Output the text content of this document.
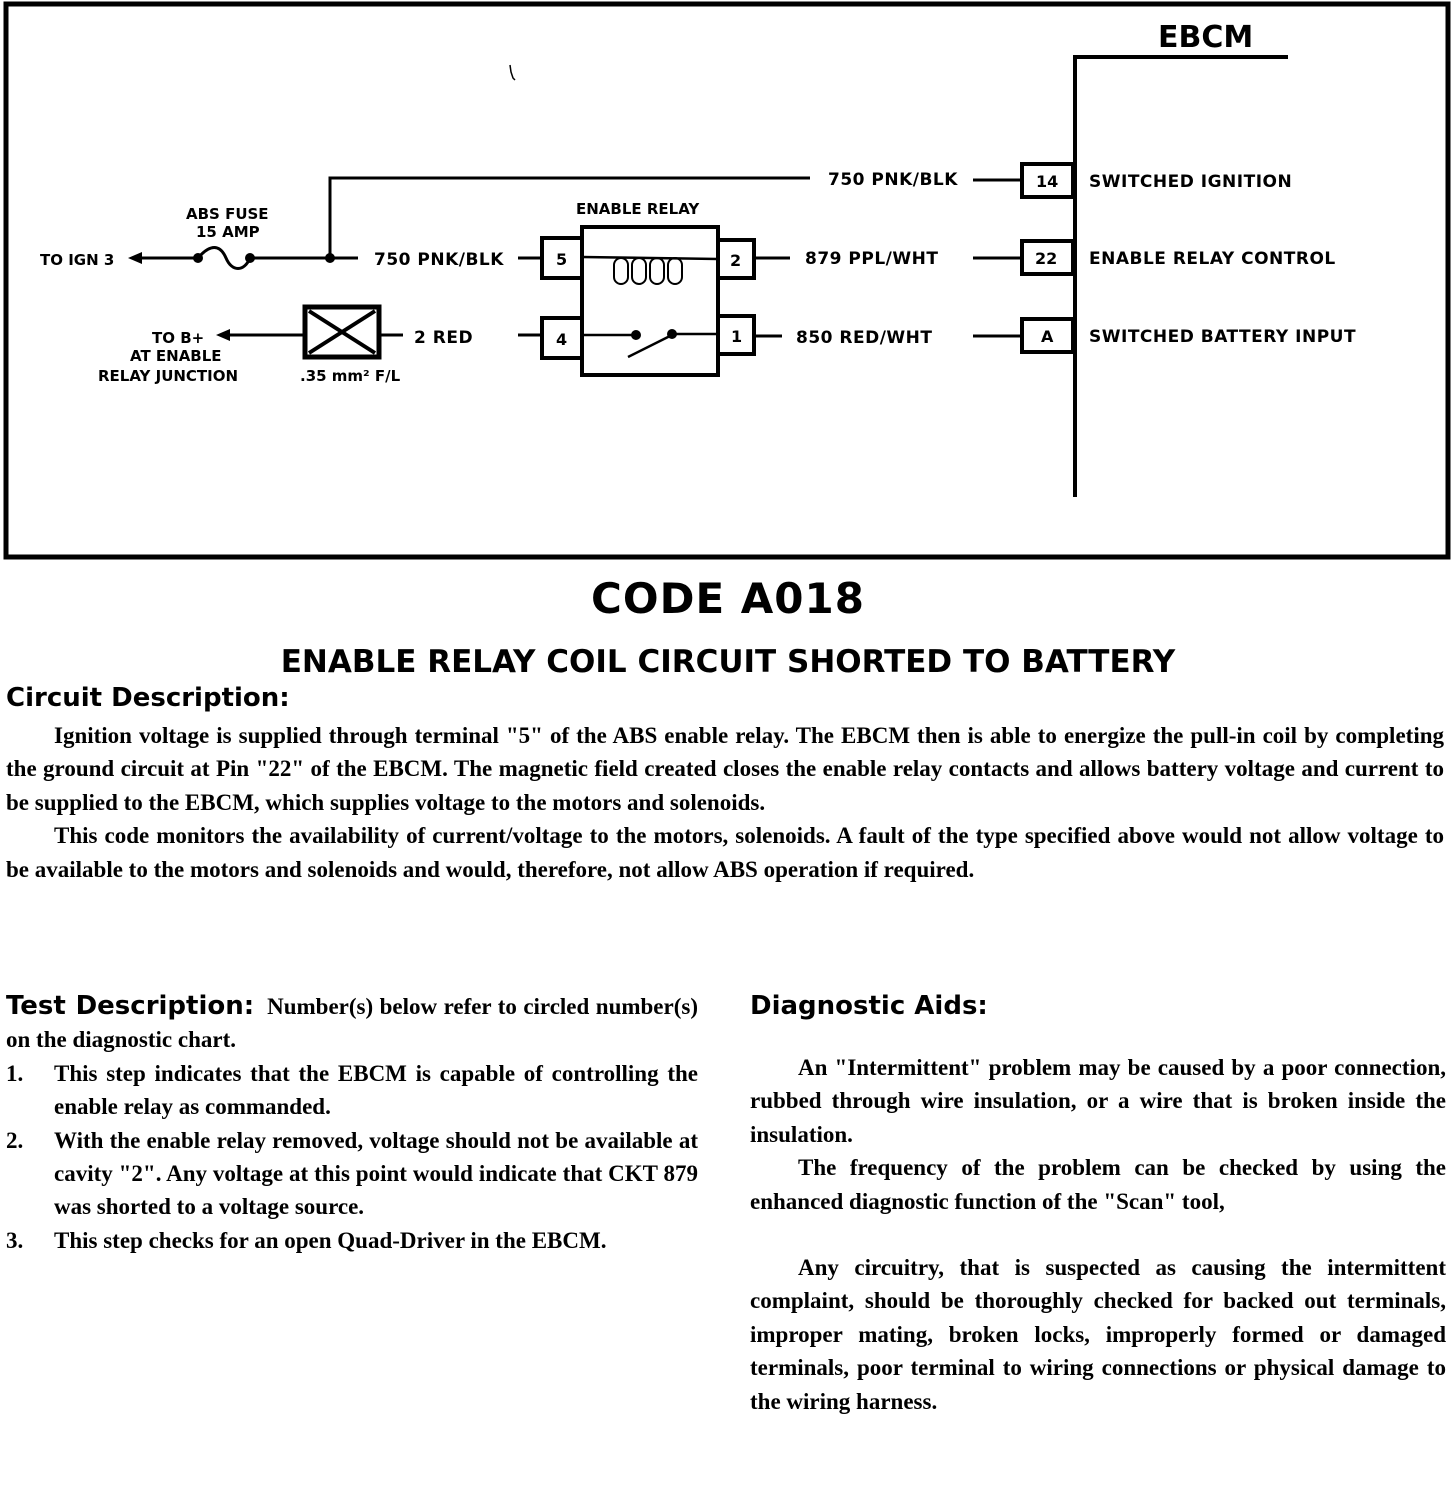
EBCM
750 PNK/BLK	14 SWITCHED IGNITION
ABS FUSE
15 AMP
TO IGN 3	750 PNK/BLK
TO B+
AT ENABLE
RELAY JUNCTION	.35 mm² F/L
2 RED
ENABLE RELAY
5
4
2
1
879 PPL/WHT	22 ENABLE RELAY CONTROL
850 RED/WHT	A SWITCHED BATTERY INPUT
CODE A018
ENABLE RELAY COIL CIRCUIT SHORTED TO BATTERY
Circuit Description:

Ignition voltage is supplied through terminal "5" of the ABS enable relay. The EBCM then is able to energize the pull-in coil by completing the ground circuit at Pin "22" of the EBCM. The magnetic field created closes the enable relay contacts and allows battery voltage and current to be supplied to the EBCM, which supplies voltage to the motors and solenoids.

This code monitors the availability of current/voltage to the motors, solenoids. A fault of the type specified above would not allow voltage to be available to the motors and solenoids and would, therefore, not allow ABS operation if required.

Test Description: Number(s) below refer to circled number(s) on the diagnostic chart.

1. This step indicates that the EBCM is capable of controlling the enable relay as commanded.
2. With the enable relay removed, voltage should not be available at cavity "2". Any voltage at this point would indicate that CKT 879 was shorted to a voltage source.
3. This step checks for an open Quad-Driver in the EBCM.
Diagnostic Aids:

An "Intermittent" problem may be caused by a poor connection, rubbed through wire insulation, or a wire that is broken inside the insulation.

The frequency of the problem can be checked by using the enhanced diagnostic function of the "Scan" tool,

Any circuitry, that is suspected as causing the intermittent complaint, should be thoroughly checked for backed out terminals, improper mating, broken locks, improperly formed or damaged terminals, poor terminal to wiring connections or physical damage to the wiring harness.
